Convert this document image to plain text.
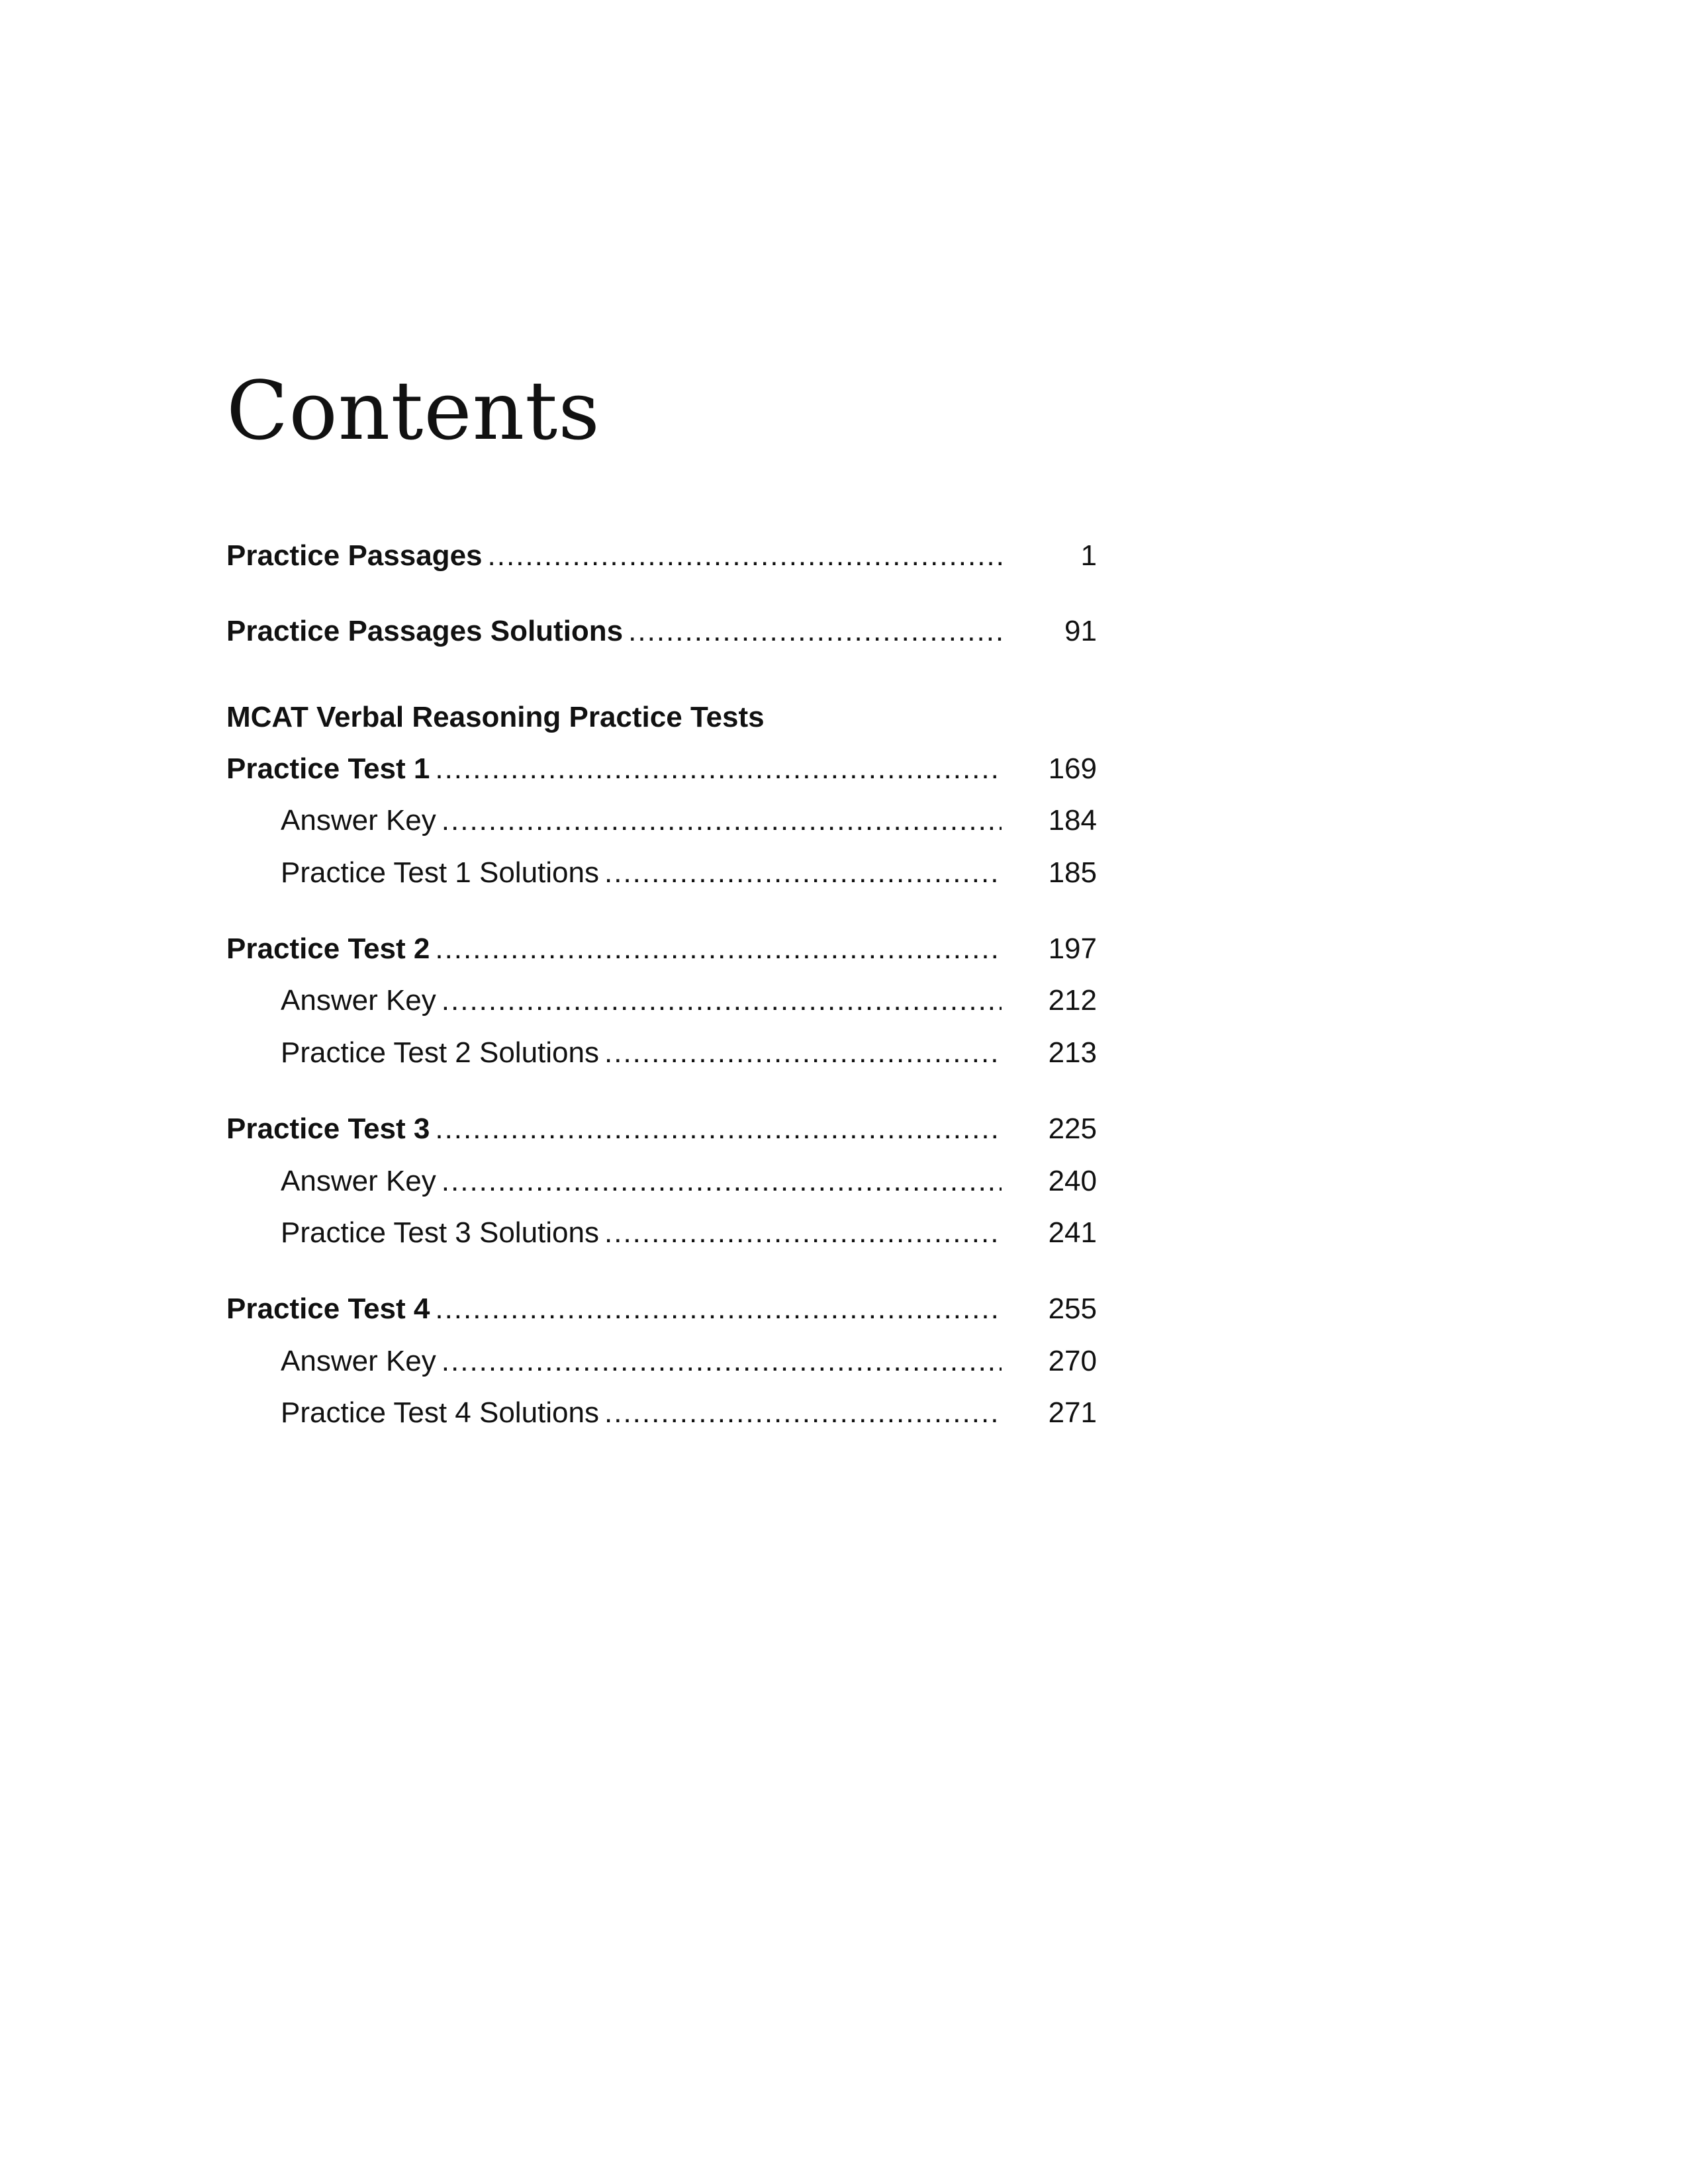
Contents
Practice Passages .....	1
Practice Passages Solutions .....	91
MCAT Verbal Reasoning Practice Tests
Practice Test 1 .....	169
Answer Key .....	184
Practice Test 1 Solutions .....	185
Practice Test 2 .....	197
Answer Key .....	212
Practice Test 2 Solutions .....	213
Practice Test 3 .....	225
Answer Key .....	240
Practice Test 3 Solutions .....	241
Practice Test 4 .....	255
Answer Key .....	270
Practice Test 4 Solutions .....	271
